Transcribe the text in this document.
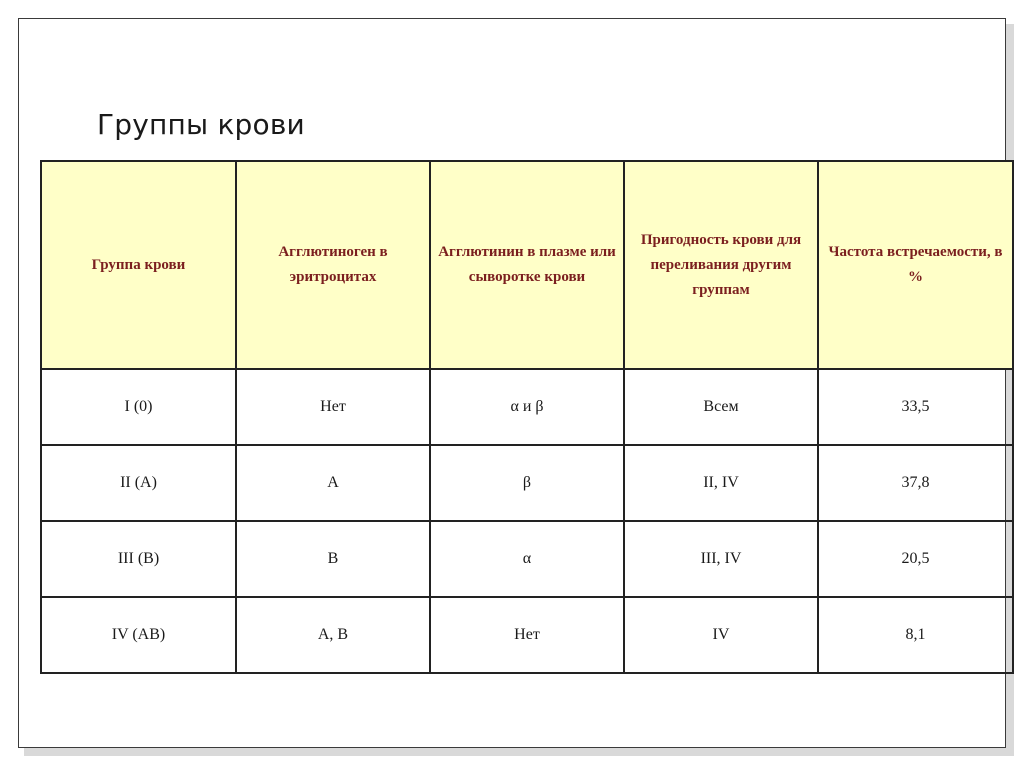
Группы крови
Группа крови	Агглютиноген в эритроцитах	Агглютинин в плазме или сыворотке крови	Пригодность крови для переливания другим группам	Частота встречаемости, в %
I (0)	Нет	α и β	Всем	33,5
II (A)	А	β	II, IV	37,8
III (B)	В	α	III, IV	20,5
IV (AB)	А, В	Нет	IV	8,1
